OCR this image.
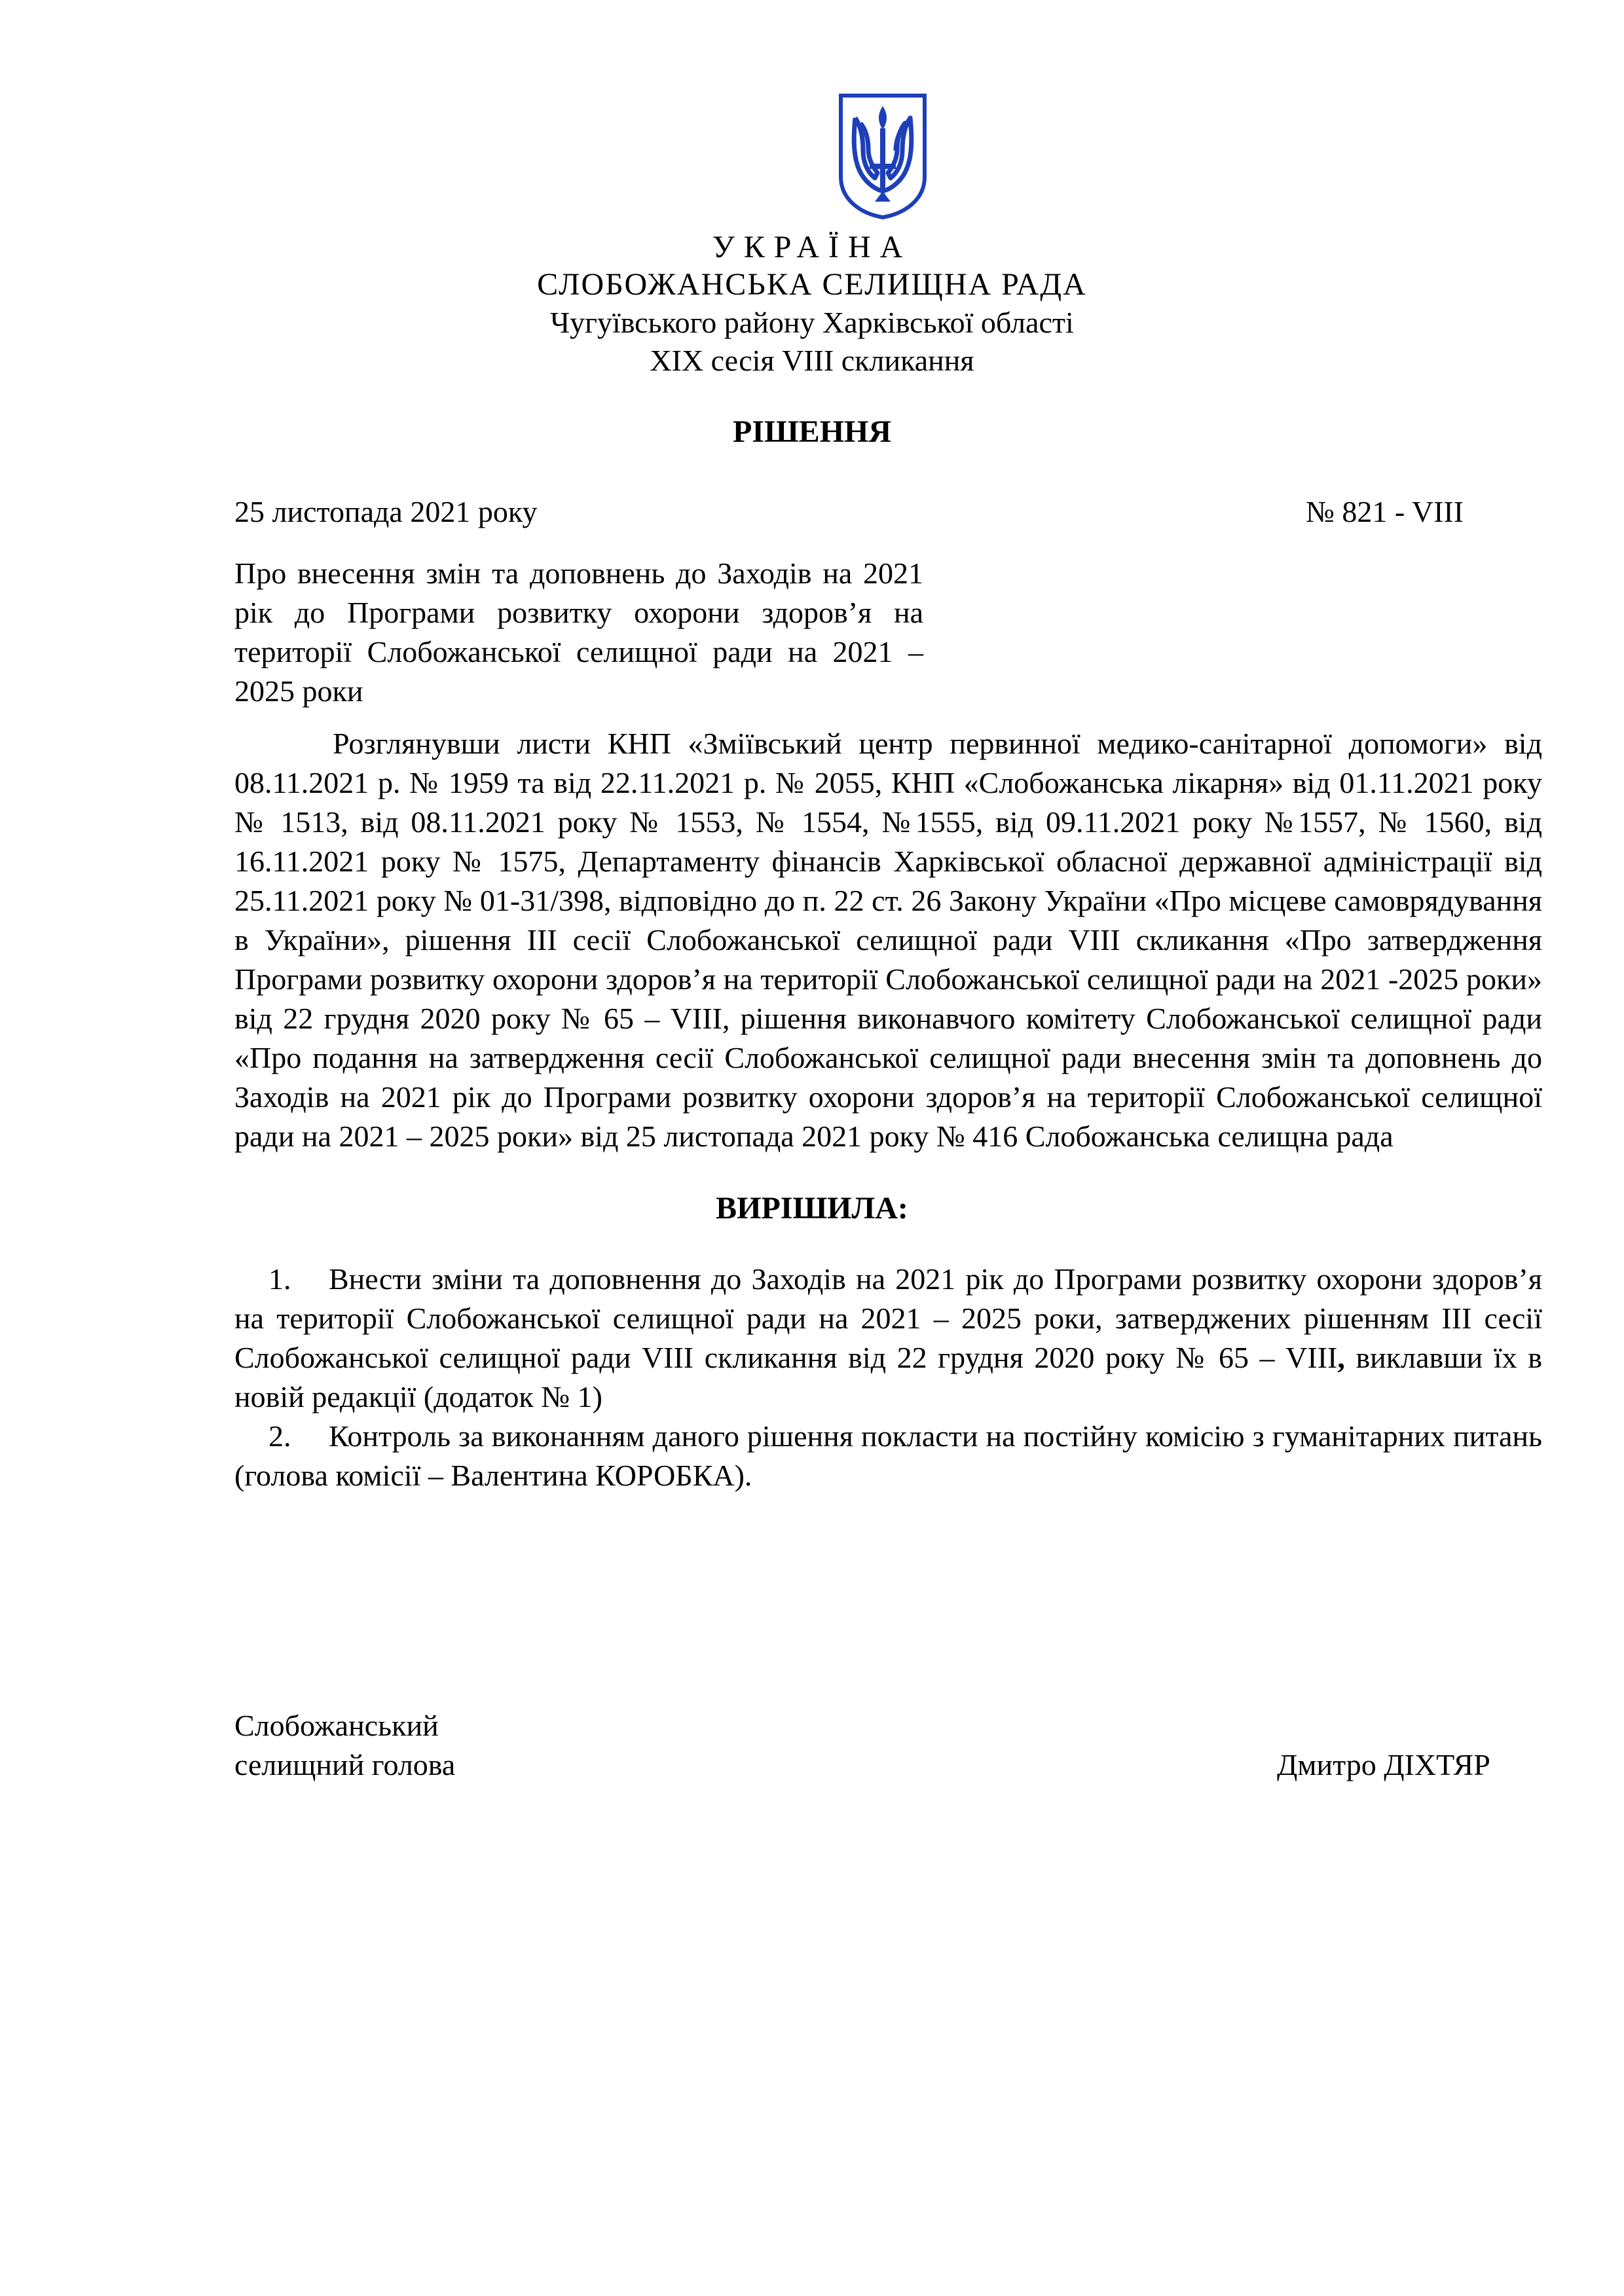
УКРАЇНА
СЛОБОЖАНСЬКА СЕЛИЩНА РАДА
Чугуївського району Харківської області
XIX сесія VIII скликання
РІШЕННЯ
25 листопада 2021 року	№ 821 - VIII
Про внесення змін та доповнень до Заходів на 2021 рік до Програми розвитку охорони здоров’я на території Слобожанської селищної ради на 2021 – 2025 роки
Розглянувши листи КНП «Зміївський центр первинної медико-санітарної допомоги» від 08.11.2021 р. № 1959 та від 22.11.2021 р. № 2055, КНП «Слобожанська лікарня» від 01.11.2021 року № 1513, від 08.11.2021 року № 1553, № 1554, №1555, від 09.11.2021 року №1557, № 1560, від 16.11.2021 року № 1575, Департаменту фінансів Харківської обласної державної адміністрації від 25.11.2021 року № 01-31/398, відповідно до п. 22 ст. 26 Закону України «Про місцеве самоврядування в України», рішення ІІІ сесії Слобожанської селищної ради VIII скликання «Про затвердження Програми розвитку охорони здоров’я на території Слобожанської селищної ради на 2021 -2025 роки» від 22 грудня 2020 року № 65 – VIII, рішення виконавчого комітету Слобожанської селищної ради «Про подання на затвердження сесії Слобожанської селищної ради внесення змін та доповнень до Заходів на 2021 рік до Програми розвитку охорони здоров’я на території Слобожанської селищної ради на 2021 – 2025 роки» від 25 листопада 2021 року № 416 Слобожанська селищна рада
ВИРІШИЛА:
1. Внести зміни та доповнення до Заходів на 2021 рік до Програми розвитку охорони здоров’я на території Слобожанської селищної ради на 2021 – 2025 роки, затверджених рішенням ІІІ сесії Слобожанської селищної ради VIII скликання від 22 грудня 2020 року № 65 – VIII, виклавши їх в новій редакції (додаток № 1)
2. Контроль за виконанням даного рішення покласти на постійну комісію з гуманітарних питань (голова комісії – Валентина КОРОБКА).
Слобожанський
селищний голова	Дмитро ДІХТЯР
